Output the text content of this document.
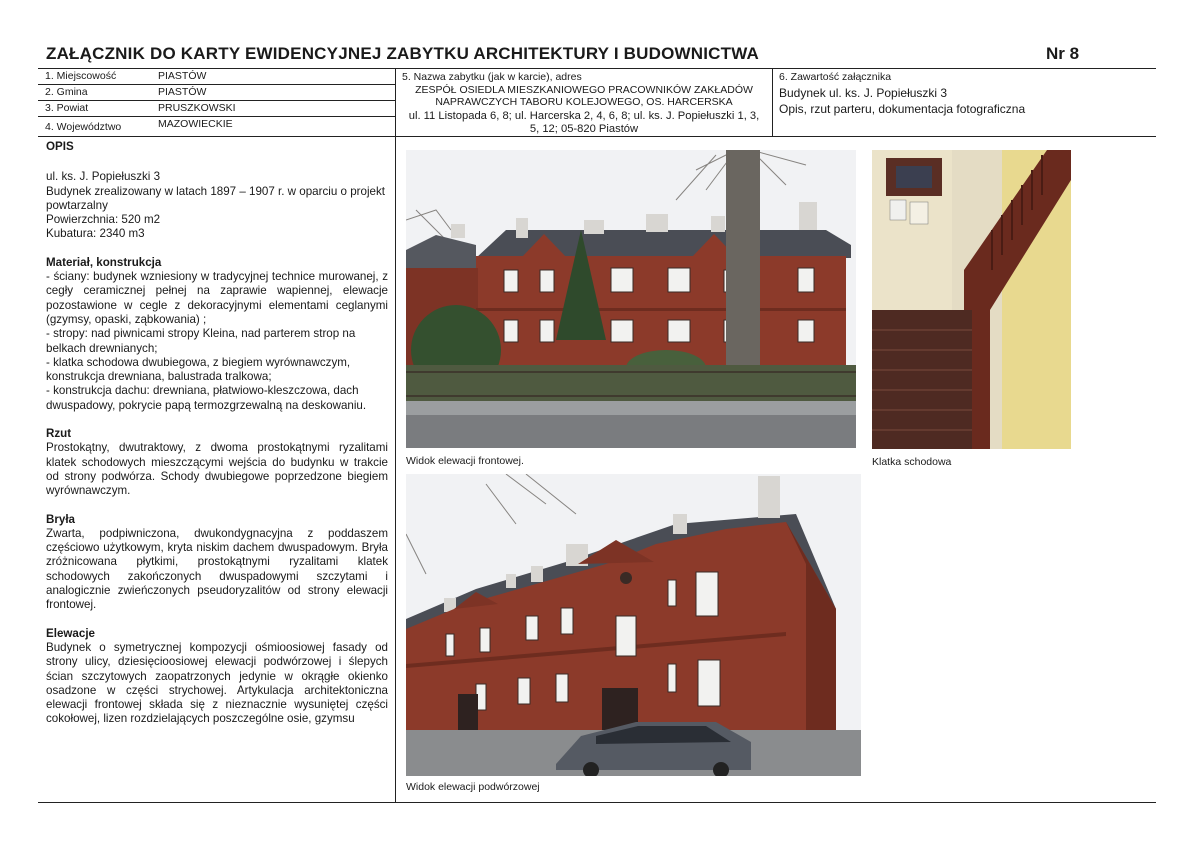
ZAŁĄCZNIK DO KARTY EWIDENCYJNEJ ZABYTKU ARCHITEKTURY I BUDOWNICTWA	Nr 8
1. Miejscowość	PIASTÓW
2. Gmina	PIASTÓW
3. Powiat	PRUSZKOWSKI
4. Województwo	MAZOWIECKIE
5. Nazwa zabytku (jak w karcie), adres
ZESPÓŁ OSIEDLA MIESZKANIOWEGO PRACOWNIKÓW ZAKŁADÓW
NAPRAWCZYCH TABORU KOLEJOWEGO, OS. HARCERSKA
ul. 11 Listopada 6, 8; ul. Harcerska 2, 4, 6, 8; ul. ks. J. Popiełuszki 1, 3,
5, 12; 05-820 Piastów
6. Zawartość załącznika
Budynek ul. ks. J. Popiełuszki 3
Opis, rzut parteru, dokumentacja fotograficzna

OPIS

ul. ks. J. Popiełuszki 3

Budynek zrealizowany w latach 1897 – 1907 r. w oparciu o projekt powtarzalny

Powierzchnia: 520 m2

Kubatura: 2340 m3

Materiał, konstrukcja

- ściany: budynek wzniesiony w tradycyjnej technice murowanej, z cegły ceramicznej pełnej na zaprawie wapiennej, elewacje pozostawione w cegle z dekoracyjnymi elementami ceglanymi (gzymsy, opaski, ząbkowania) ;

- stropy: nad piwnicami stropy Kleina, nad parterem strop na belkach drewnianych;

- klatka schodowa dwubiegowa, z biegiem wyrównawczym, konstrukcja drewniana, balustrada tralkowa;

- konstrukcja dachu: drewniana, płatwiowo-kleszczowa, dach dwuspadowy, pokrycie papą termozgrzewalną na deskowaniu.

Rzut

Prostokątny, dwutraktowy, z dwoma prostokątnymi ryzalitami klatek schodowych mieszczącymi wejścia do budynku w trakcie od strony podwórza. Schody dwubiegowe poprzedzone biegiem wyrównawczym.

Bryła

Zwarta, podpiwniczona, dwukondygnacyjna z poddaszem częściowo użytkowym, kryta niskim dachem dwuspadowym. Bryła zróżnicowana płytkimi, prostokątnymi ryzalitami klatek schodowych zakończonych dwuspadowymi szczytami i analogicznie zwieńczonych pseudoryzalitów od strony elewacji frontowej.

Elewacje

Budynek o symetrycznej kompozycji ośmioosiowej fasady od strony ulicy, dziesięcioosiowej elewacji podwórzowej i ślepych ścian szczytowych zaopatrzonych jedynie w okrągłe okienko osadzone w części strychowej. Artykulacja architektoniczna elewacji frontowej składa się z nieznacznie wysuniętej części cokołowej, lizen rozdzielających poszczególne osie, gzymsu

Widok elewacji frontowej.	Klatka schodowa
Widok elewacji podwórzowej
